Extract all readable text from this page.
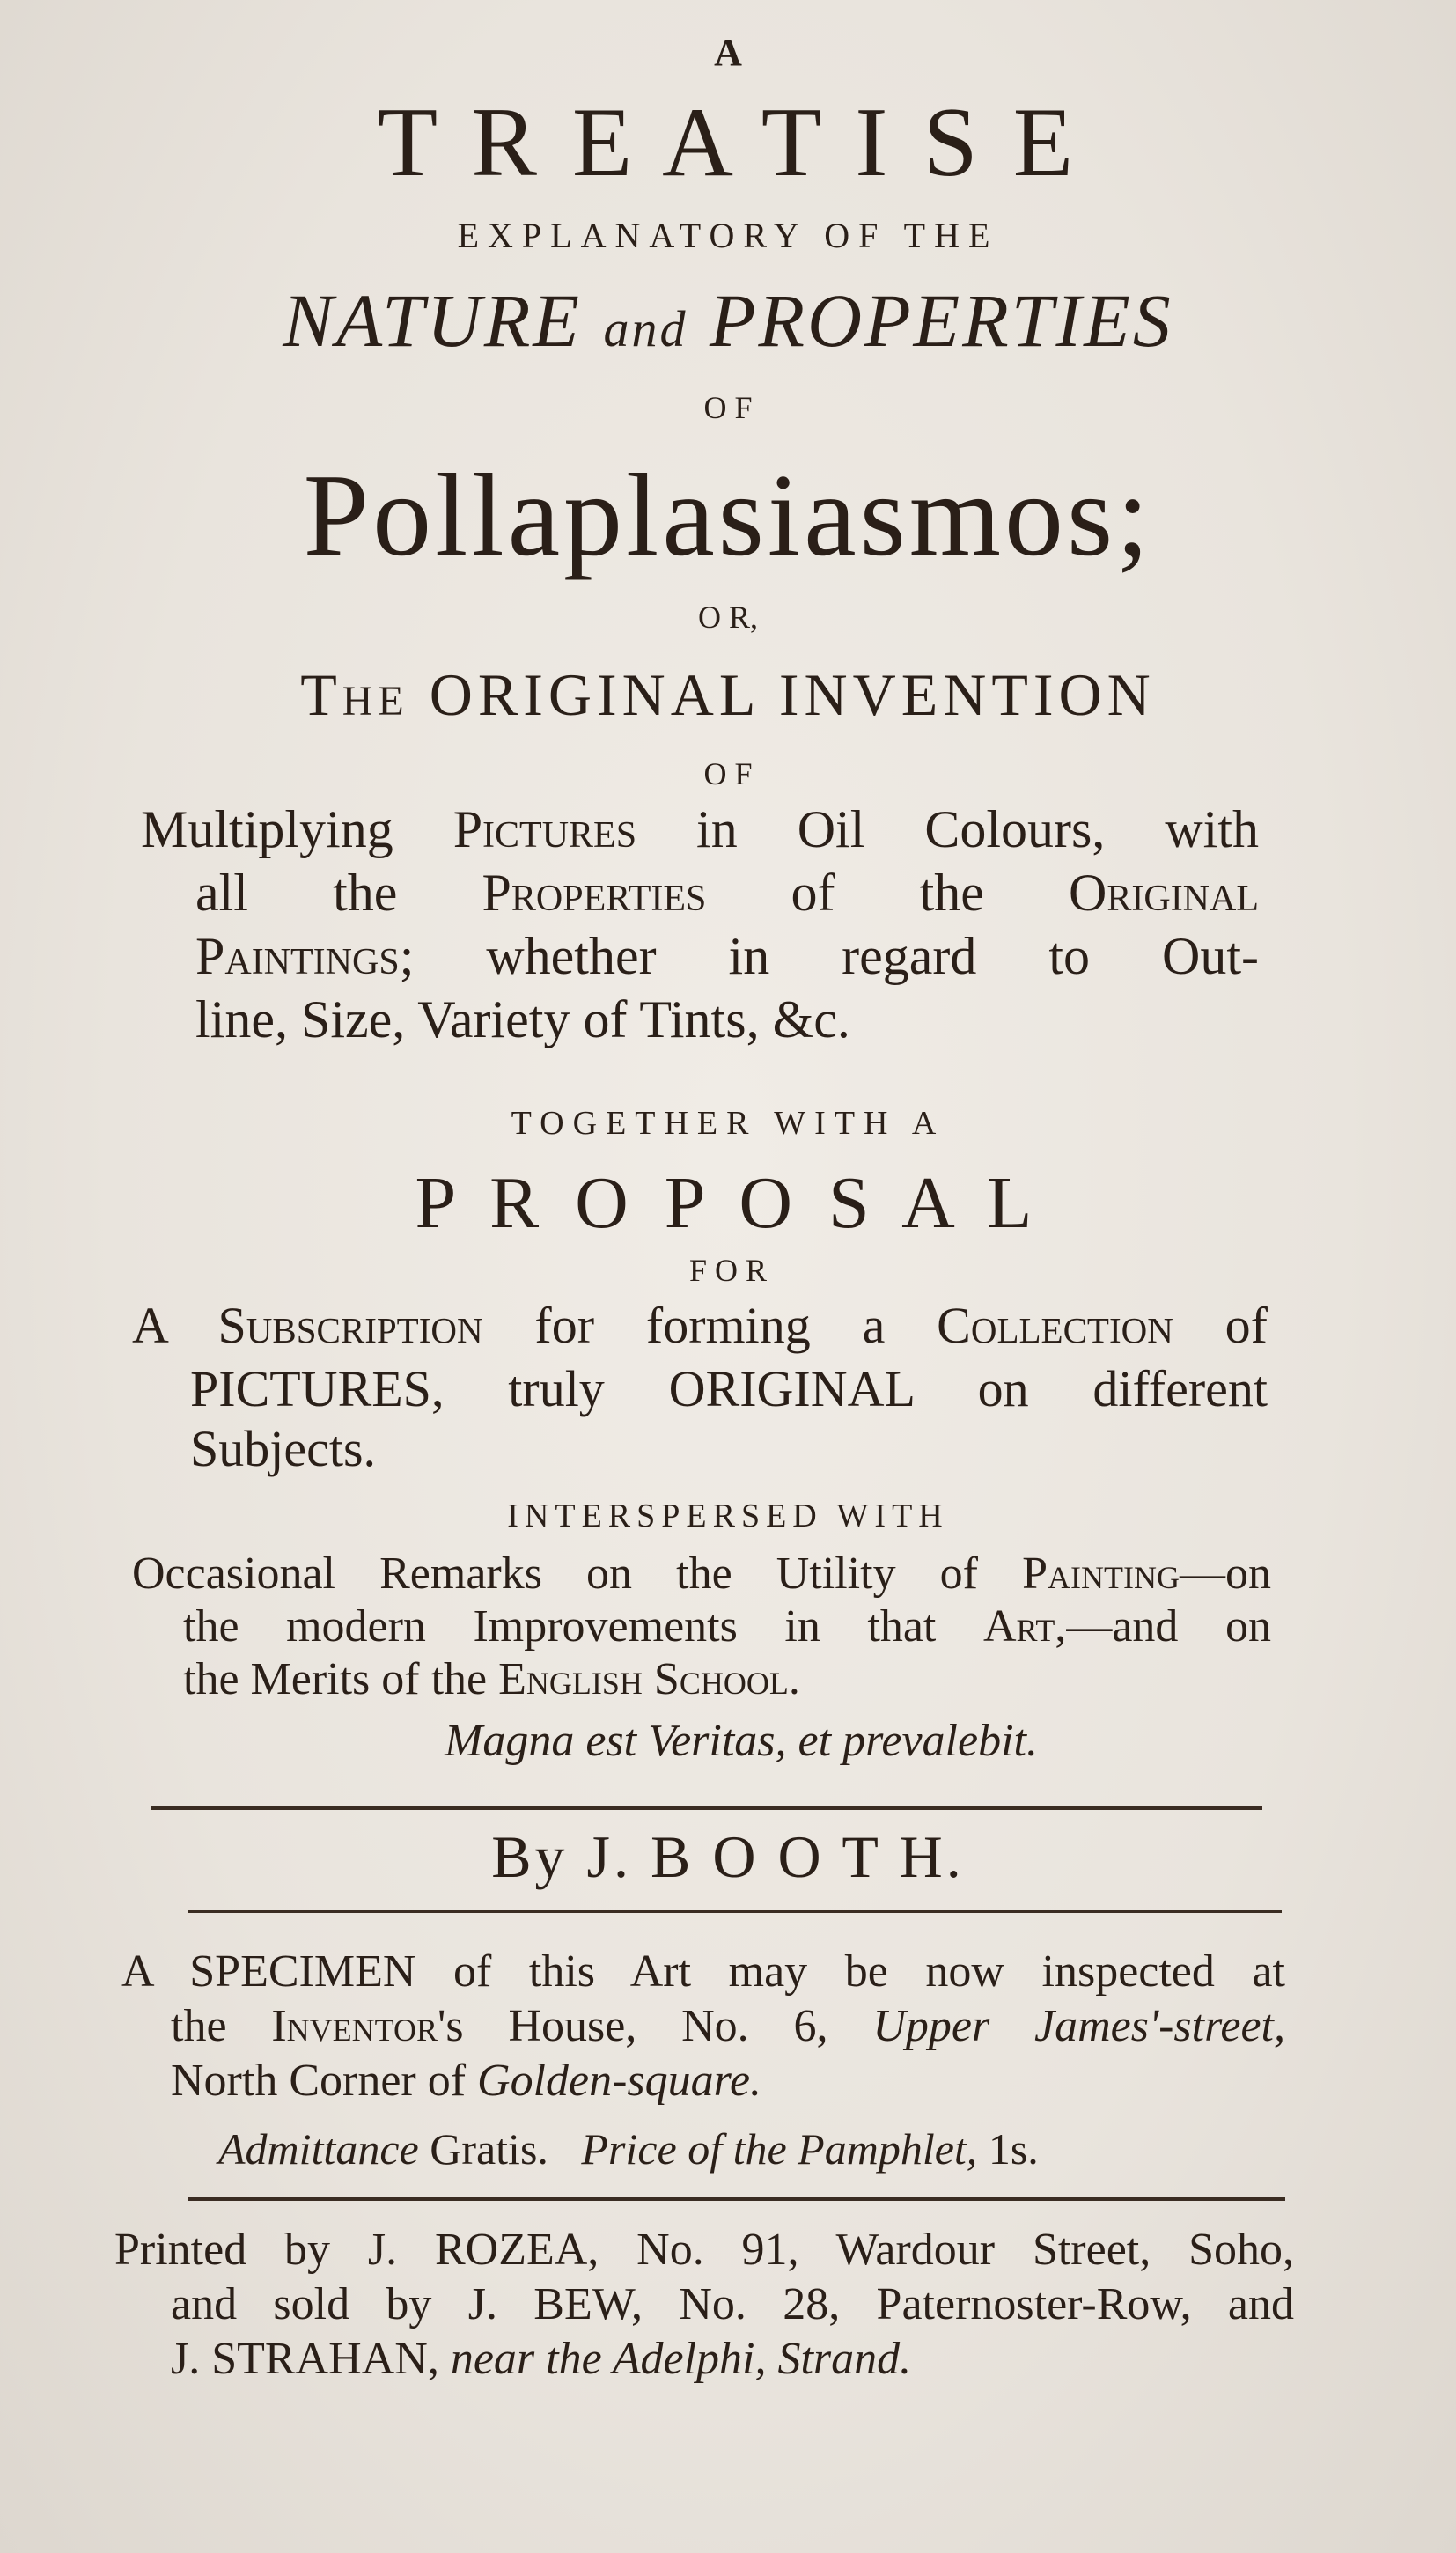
A
T R E A T I S E
EXPLANATORY OF THE
NATURE and PROPERTIES
O F
Pollaplasiasmos;
O R,
The ORIGINAL INVENTION
O F
Multiplying Pictures in Oil Colours, with
all the Properties of the Original
Paintings; whether in regard to Out-
line, Size, Variety of Tints, &c.
TOGETHER WITH A
P R O P O S A L
F O R
A Subscription for forming a Collection of
PICTURES, truly ORIGINAL on different
Subjects.
INTERSPERSED WITH
Occasional Remarks on the Utility of Painting—on
the modern Improvements in that Art,—and on
the Merits of the English School.
Magna est Veritas, et prevalebit.
By J. B O O T H.
A SPECIMEN of this Art may be now inspected at
the Inventor's House, No. 6, Upper James'-street,
North Corner of Golden-square.
Admittance Gratis. Price of the Pamphlet, 1s.
Printed by J. ROZEA, No. 91, Wardour Street, Soho,
and sold by J. BEW, No. 28, Paternoster-Row, and
J. STRAHAN, near the Adelphi, Strand.
